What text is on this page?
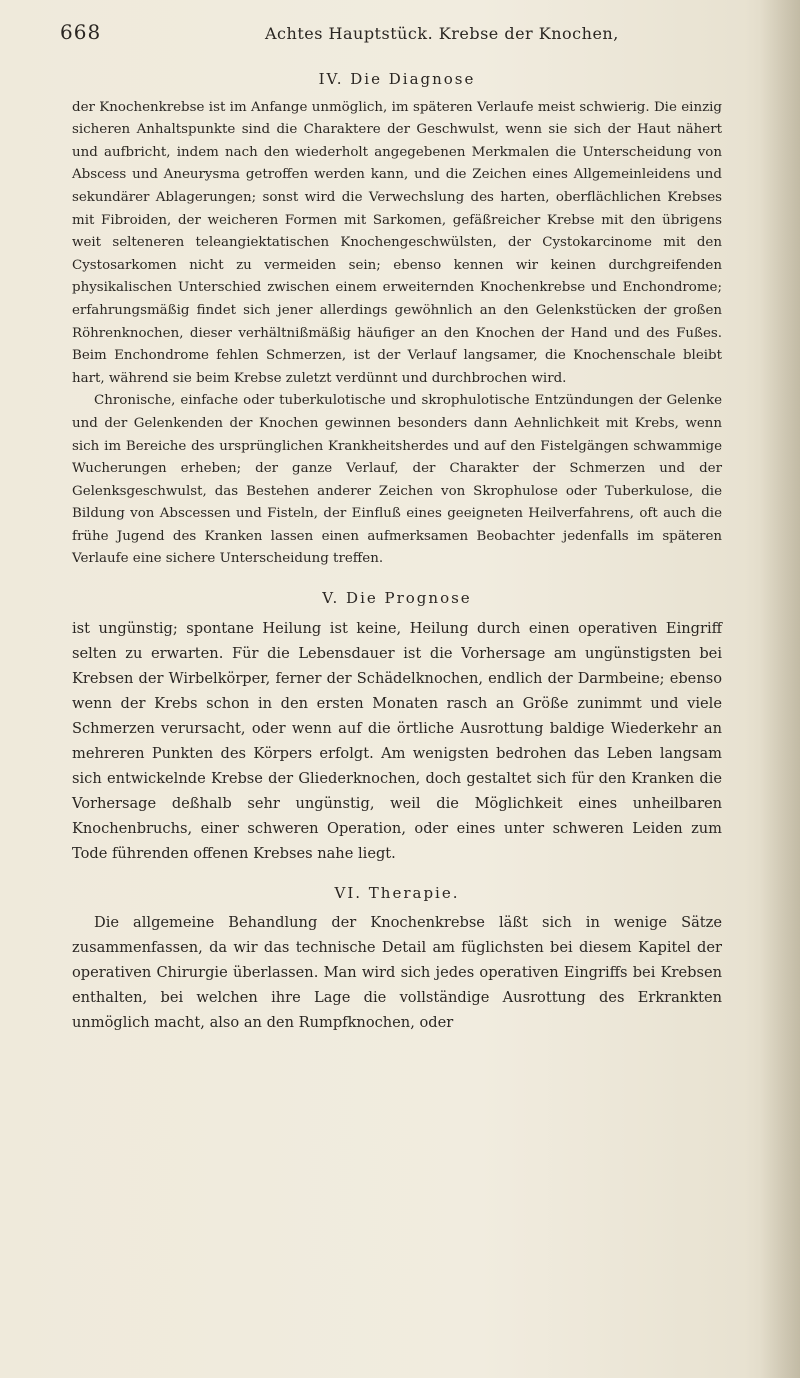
668	Achtes Hauptstück. Krebse der Knochen,
IV. Die Diagnose

der Knochenkrebse ist im Anfange unmöglich, im späteren Verlaufe meist schwierig. Die einzig sicheren Anhaltspunkte sind die Charaktere der Geschwulst, wenn sie sich der Haut nähert und aufbricht, indem nach den wiederholt angegebenen Merkmalen die Unterscheidung von Abscess und Aneurysma getroffen werden kann, und die Zeichen eines Allgemeinleidens und sekundärer Ablagerungen; sonst wird die Verwechslung des harten, oberflächlichen Krebses mit Fibroiden, der weicheren Formen mit Sarkomen, gefäßreicher Krebse mit den übrigens weit selteneren teleangiektatischen Knochengeschwülsten, der Cystokarcinome mit den Cystosarkomen nicht zu vermeiden sein; ebenso kennen wir keinen durchgreifenden physikalischen Unterschied zwischen einem erweiternden Knochenkrebse und Enchondrome; erfahrungsmäßig findet sich jener allerdings gewöhnlich an den Gelenkstücken der großen Röhrenknochen, dieser verhältnißmäßig häufiger an den Knochen der Hand und des Fußes. Beim Enchondrome fehlen Schmerzen, ist der Verlauf langsamer, die Knochenschale bleibt hart, während sie beim Krebse zuletzt verdünnt und durchbrochen wird.

Chronische, einfache oder tuberkulotische und skrophulotische Entzündungen der Gelenke und der Gelenkenden der Knochen gewinnen besonders dann Aehnlichkeit mit Krebs, wenn sich im Bereiche des ursprünglichen Krankheitsherdes und auf den Fistelgängen schwammige Wucherungen erheben; der ganze Verlauf, der Charakter der Schmerzen und der Gelenksgeschwulst, das Bestehen anderer Zeichen von Skrophulose oder Tuberkulose, die Bildung von Abscessen und Fisteln, der Einfluß eines geeigneten Heilverfahrens, oft auch die frühe Jugend des Kranken lassen einen aufmerksamen Beobachter jedenfalls im späteren Verlaufe eine sichere Unterscheidung treffen.

V. Die Prognose

ist ungünstig; spontane Heilung ist keine, Heilung durch einen operativen Eingriff selten zu erwarten. Für die Lebensdauer ist die Vorhersage am ungünstigsten bei Krebsen der Wirbelkörper, ferner der Schädelknochen, endlich der Darmbeine; ebenso wenn der Krebs schon in den ersten Monaten rasch an Größe zunimmt und viele Schmerzen verursacht, oder wenn auf die örtliche Ausrottung baldige Wiederkehr an mehreren Punkten des Körpers erfolgt. Am wenigsten bedrohen das Leben langsam sich entwickelnde Krebse der Gliederknochen, doch gestaltet sich für den Kranken die Vorhersage deßhalb sehr ungünstig, weil die Möglichkeit eines unheilbaren Knochenbruchs, einer schweren Operation, oder eines unter schweren Leiden zum Tode führenden offenen Krebses nahe liegt.

VI. Therapie.

Die allgemeine Behandlung der Knochenkrebse läßt sich in wenige Sätze zusammenfassen, da wir das technische Detail am füglichsten bei diesem Kapitel der operativen Chirurgie überlassen. Man wird sich jedes operativen Eingriffs bei Krebsen enthalten, bei welchen ihre Lage die vollständige Ausrottung des Erkrankten unmöglich macht, also an den Rumpfknochen, oder
